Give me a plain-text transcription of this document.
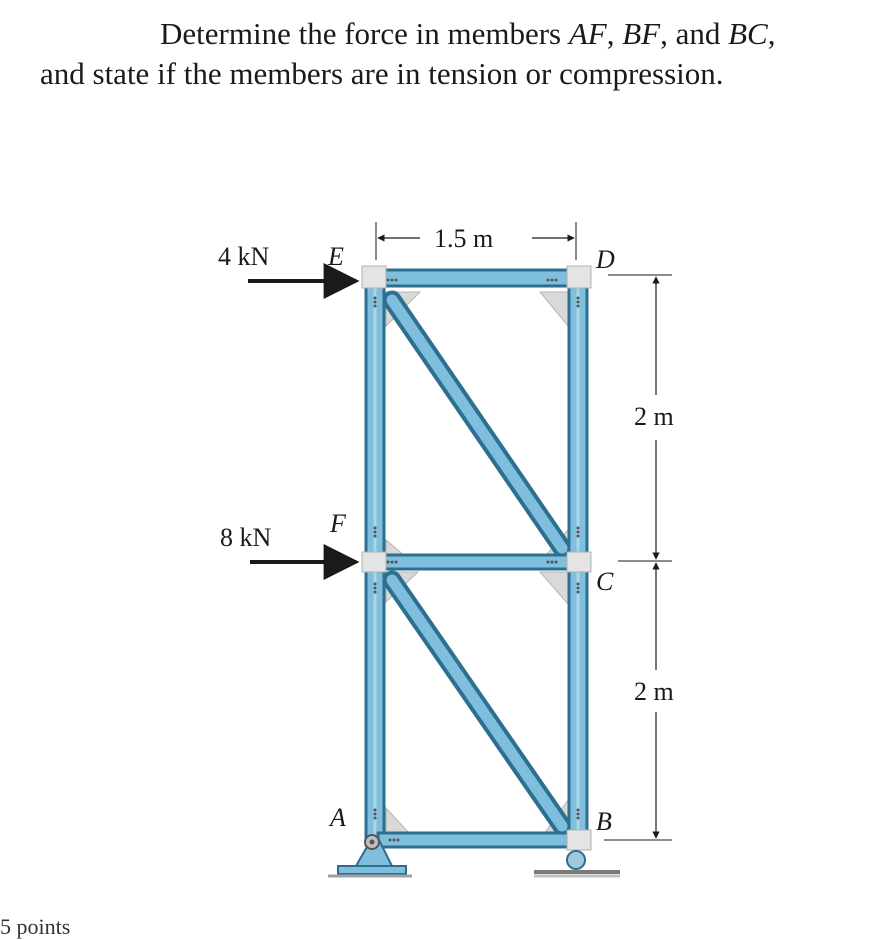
Determine the force in members AF, BF, and BC,
and state if the members are in tension or compression.
4 kN
8 kN
E	D
F
C
A	B
1.5 m
2 m
2 m
5 points
